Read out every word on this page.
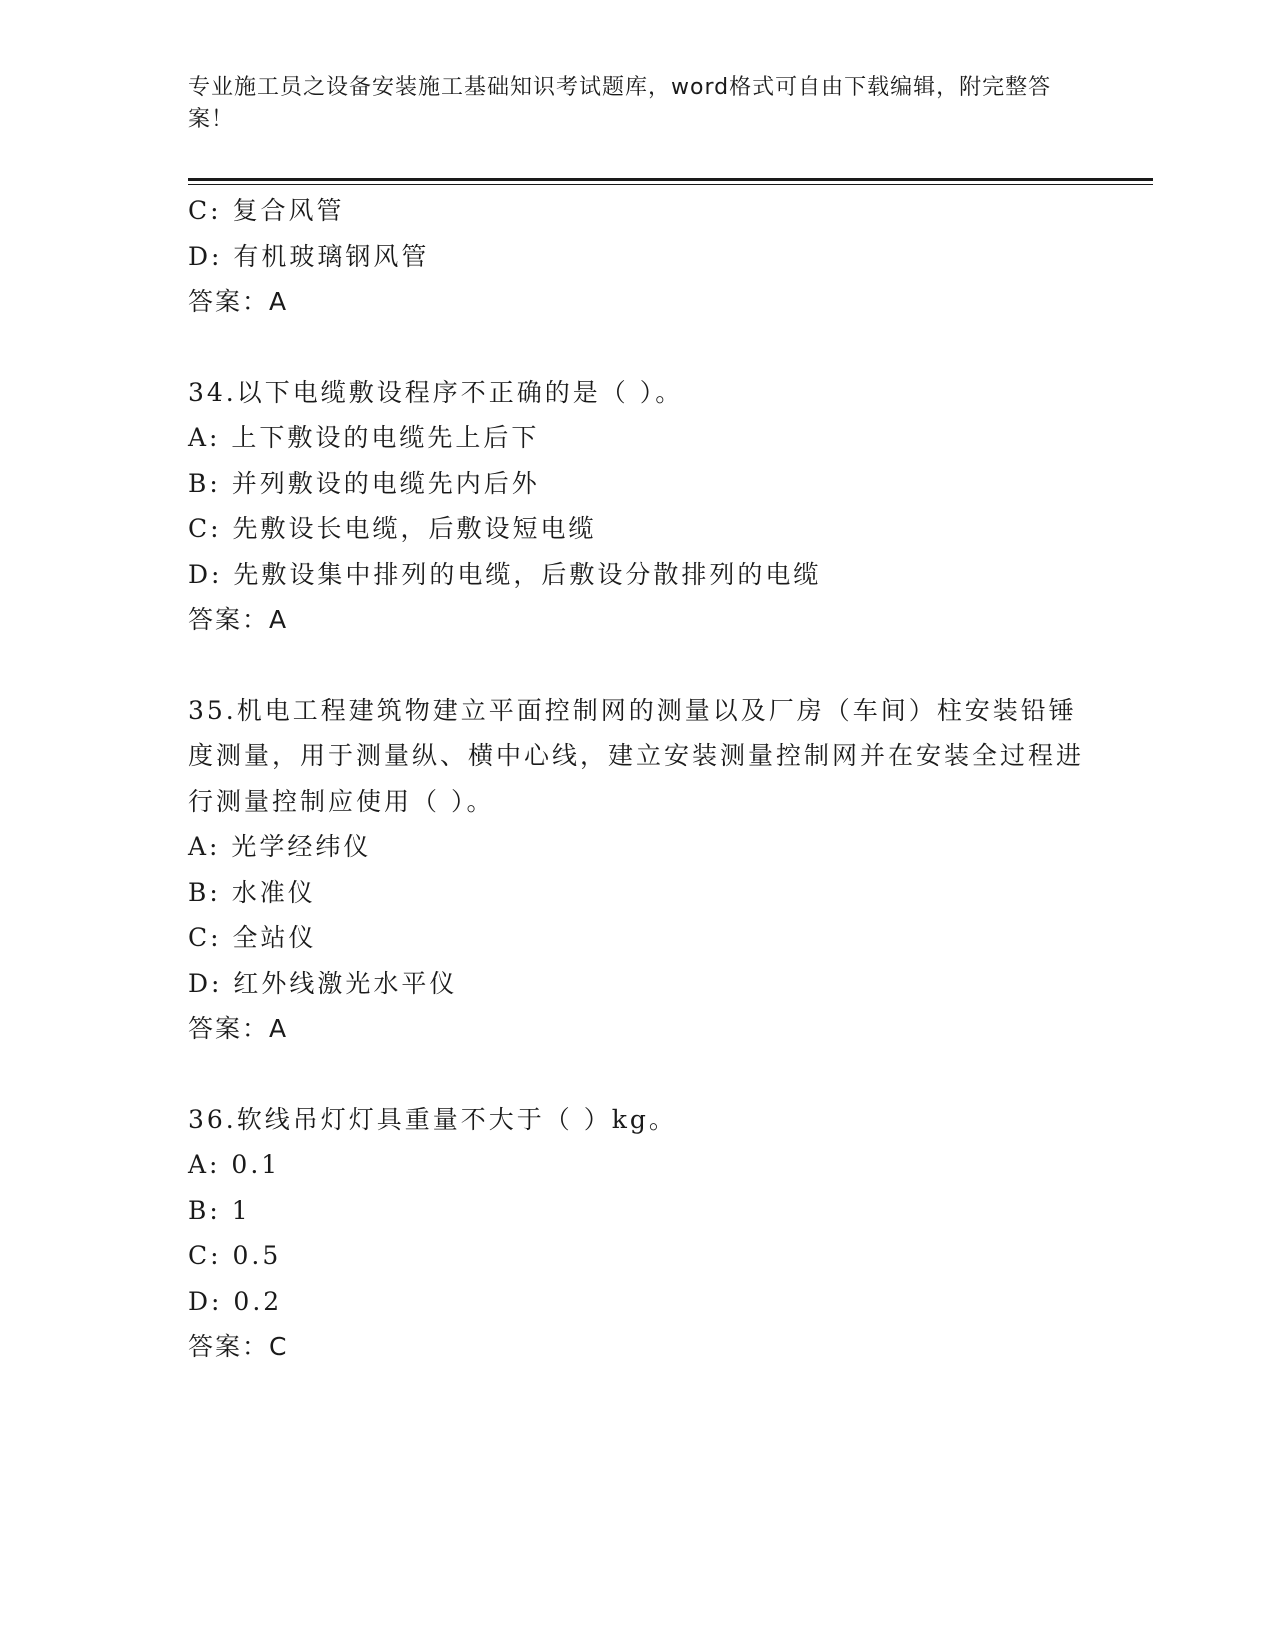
专业施工员之设备安装施工基础知识考试题库，word格式可自由下载编辑，附完整答案！
C: 复合风管
D: 有机玻璃钢风管
答案：A
34.以下电缆敷设程序不正确的是（ ）。
A: 上下敷设的电缆先上后下
B: 并列敷设的电缆先内后外
C: 先敷设长电缆，后敷设短电缆
D: 先敷设集中排列的电缆，后敷设分散排列的电缆
答案：A
35.机电工程建筑物建立平面控制网的测量以及厂房（车间）柱安装铅锤度测量，用于测量纵、横中心线，建立安装测量控制网并在安装全过程进行测量控制应使用（ ）。
A: 光学经纬仪
B: 水准仪
C: 全站仪
D: 红外线激光水平仪
答案：A
36.软线吊灯灯具重量不大于（ ）kg。
A: 0.1
B: 1
C: 0.5
D: 0.2
答案：C
